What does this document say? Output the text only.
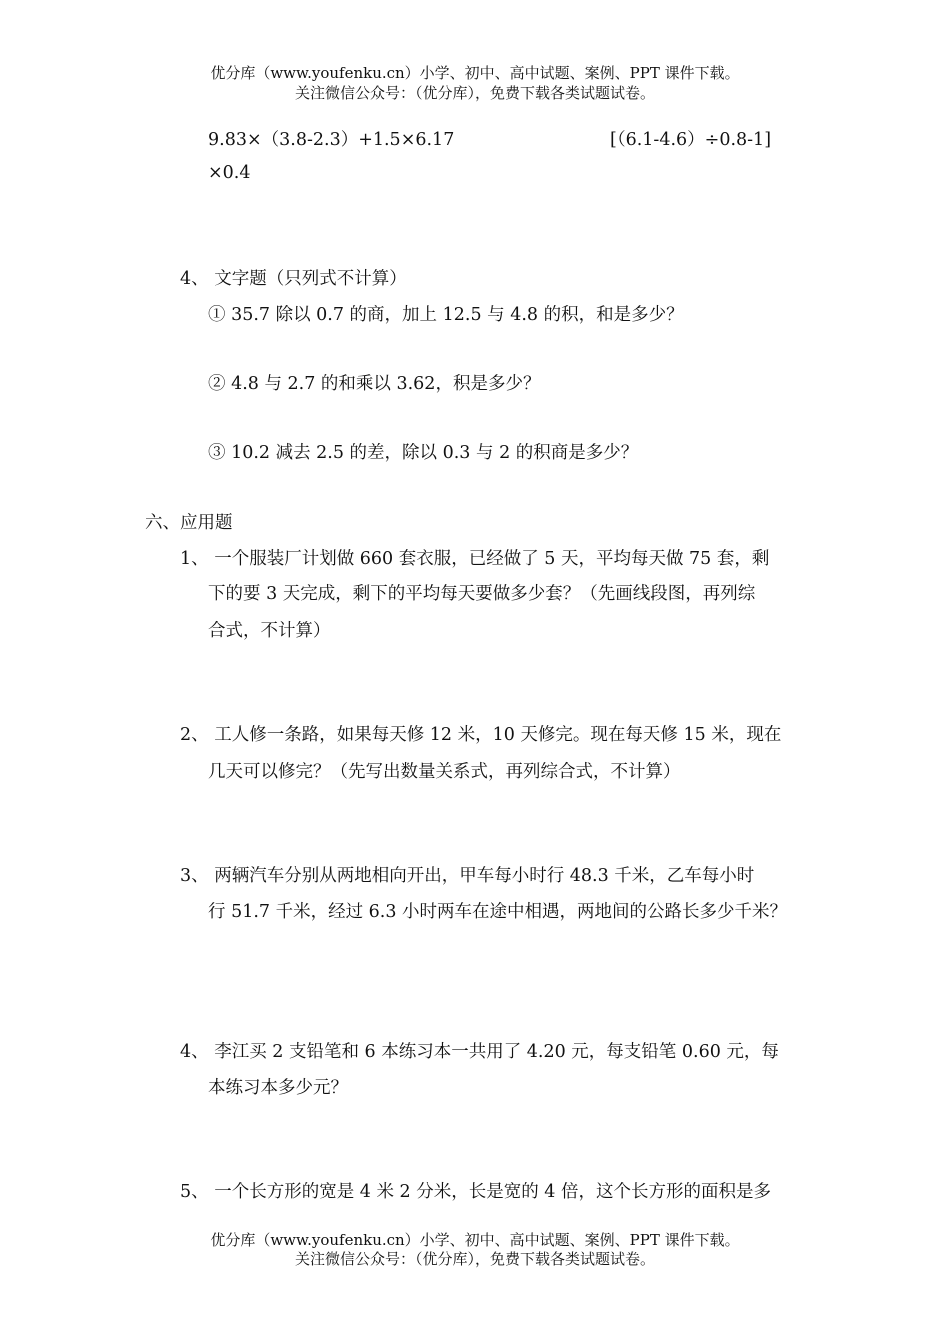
优分库（www.youfenku.cn）小学、初中、高中试题、案例、PPT 课件下载。
关注微信公众号：（优分库），免费下载各类试题试卷。
9.83×（3.8-2.3）+1.5×6.17	[（6.1-4.6）÷0.8-1]
×0.4
4、 文字题（只列式不计算）
① 35.7 除以 0.7 的商，加上 12.5 与 4.8 的积，和是多少？
② 4.8 与 2.7 的和乘以 3.62，积是多少？
③ 10.2 减去 2.5 的差，除以 0.3 与 2 的积商是多少？
六、应用题
1、 一个服装厂计划做 660 套衣服，已经做了 5 天，平均每天做 75 套，剩
下的要 3 天完成，剩下的平均每天要做多少套？（先画线段图，再列综
合式，不计算）
2、 工人修一条路，如果每天修 12 米，10 天修完。现在每天修 15 米，现在
几天可以修完？（先写出数量关系式，再列综合式，不计算）
3、 两辆汽车分别从两地相向开出，甲车每小时行 48.3 千米，乙车每小时
行 51.7 千米，经过 6.3 小时两车在途中相遇，两地间的公路长多少千米？
4、 李江买 2 支铅笔和 6 本练习本一共用了 4.20 元，每支铅笔 0.60 元，每
本练习本多少元？
5、 一个长方形的宽是 4 米 2 分米，长是宽的 4 倍，这个长方形的面积是多
优分库（www.youfenku.cn）小学、初中、高中试题、案例、PPT 课件下载。
关注微信公众号：（优分库），免费下载各类试题试卷。
